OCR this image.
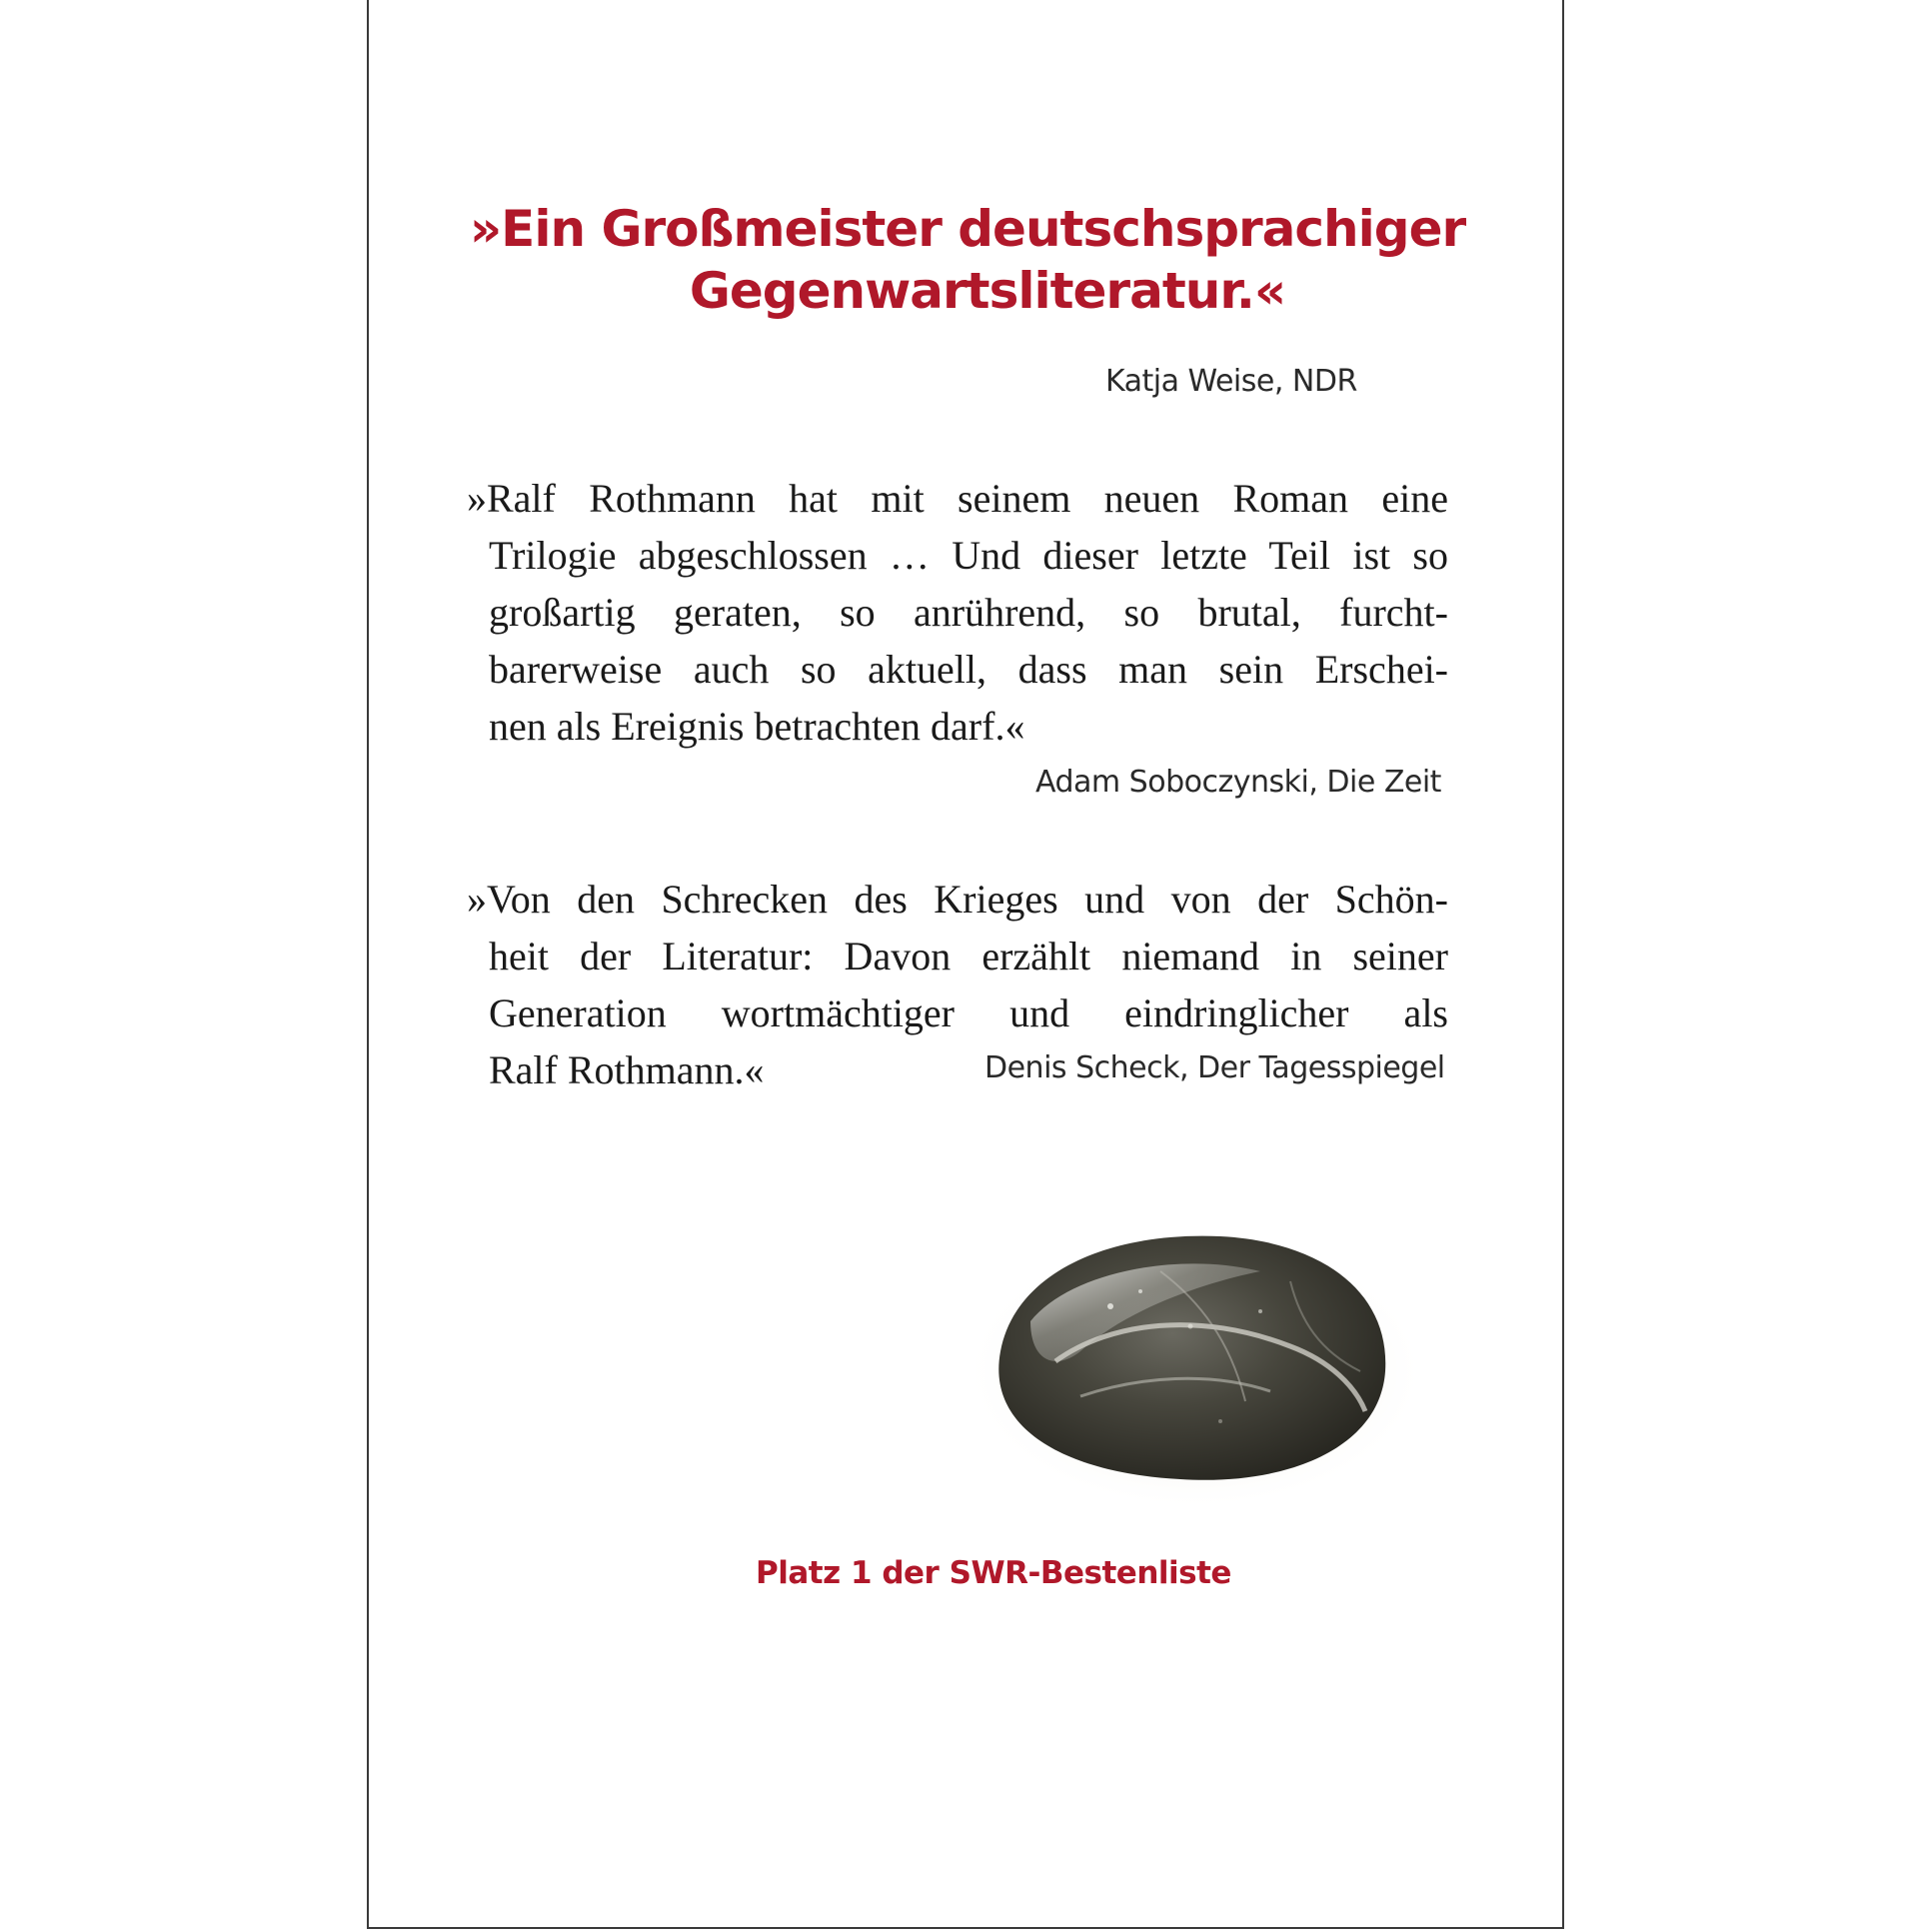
»Ein Großmeister deutschsprachiger
Gegenwartsliteratur.«
Katja Weise, NDR
»Ralf Rothmann hat mit seinem neuen Roman eine
Trilogie abgeschlossen … Und dieser letzte Teil ist so
großartig geraten, so anrührend, so brutal, furcht-
barerweise auch so aktuell, dass man sein Erschei-
nen als Ereignis betrachten darf.«
Adam Soboczynski, Die Zeit
»Von den Schrecken des Krieges und von der Schön-
heit der Literatur: Davon erzählt niemand in seiner
Generation wortmächtiger und eindringlicher als
Ralf Rothmann.«	Denis Scheck, Der Tagesspiegel
Platz 1 der SWR-Bestenliste
